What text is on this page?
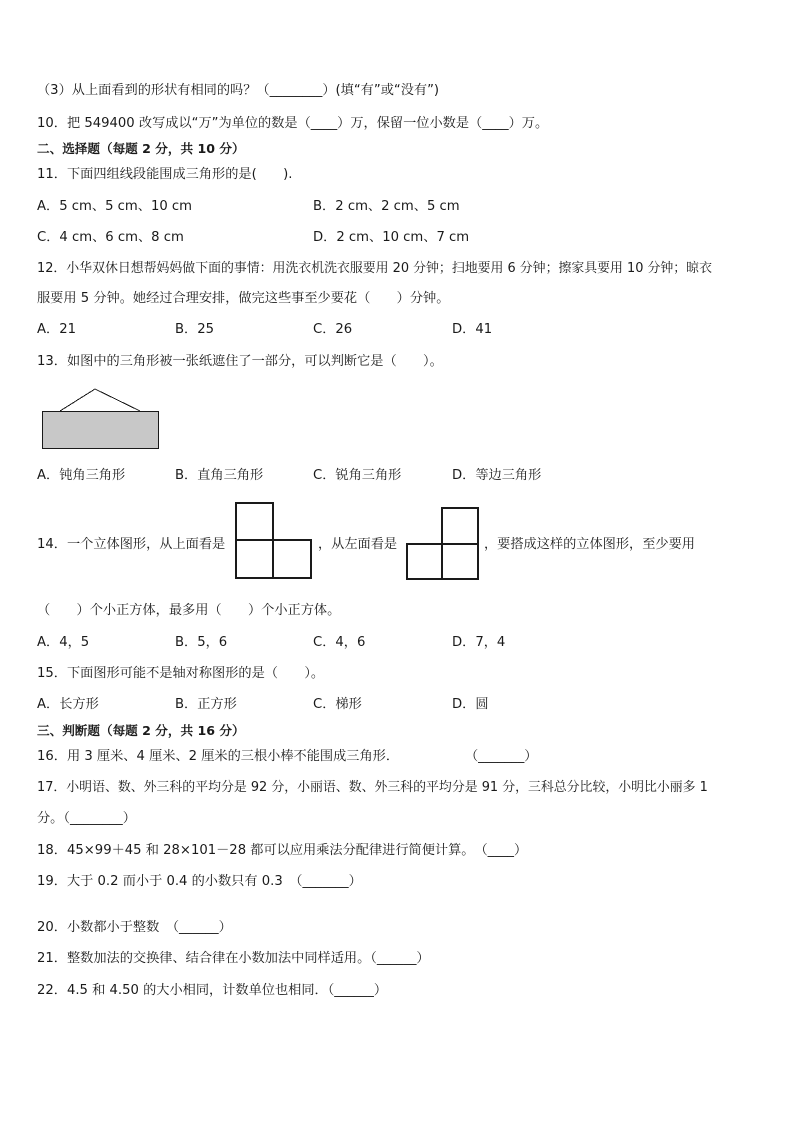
（3）从上面看到的形状有相同的吗？（________）(填“有”或“没有”)
10．把 549400 改写成以“万”为单位的数是（____）万，保留一位小数是（____）万。
二、选择题（每题 2 分，共 10 分）
11．下面四组线段能围成三角形的是(　　).
A．5 cm、5 cm、10 cm	B．2 cm、2 cm、5 cm
C．4 cm、6 cm、8 cm	D．2 cm、10 cm、7 cm
12．小华双休日想帮妈妈做下面的事情：用洗衣机洗衣服要用 20 分钟；扫地要用 6 分钟；擦家具要用 10 分钟；晾衣
服要用 5 分钟。她经过合理安排，做完这些事至少要花（　　）分钟。
A．21	B．25	C．26	D．41
13．如图中的三角形被一张纸遮住了一部分，可以判断它是（　　）。
A．钝角三角形	B．直角三角形	C．锐角三角形	D．等边三角形
14．一个立体图形，从上面看是	，从左面看是	，要搭成这样的立体图形，至少要用
（　　）个小正方体，最多用（　　）个小正方体。
A．4，5	B．5，6	C．4，6	D．7，4
15．下面图形可能不是轴对称图形的是（　　）。
A．长方形	B．正方形	C．梯形	D．圆
三、判断题（每题 2 分，共 16 分）
16．用 3 厘米、4 厘米、2 厘米的三根小棒不能围成三角形．　　　　　　（_______）
17．小明语、数、外三科的平均分是 92 分，小丽语、数、外三科的平均分是 91 分，三科总分比较，小明比小丽多 1
分。（________）
18．45×99＋45 和 28×101－28 都可以应用乘法分配律进行简便计算。　（____）
19．大于 0.2 而小于 0.4 的小数只有 0.3　（_______）
20．小数都小于整数　（______）
21．整数加法的交换律、结合律在小数加法中同样适用。（______）
22．4.5 和 4.50 的大小相同，计数单位也相同．（______）
